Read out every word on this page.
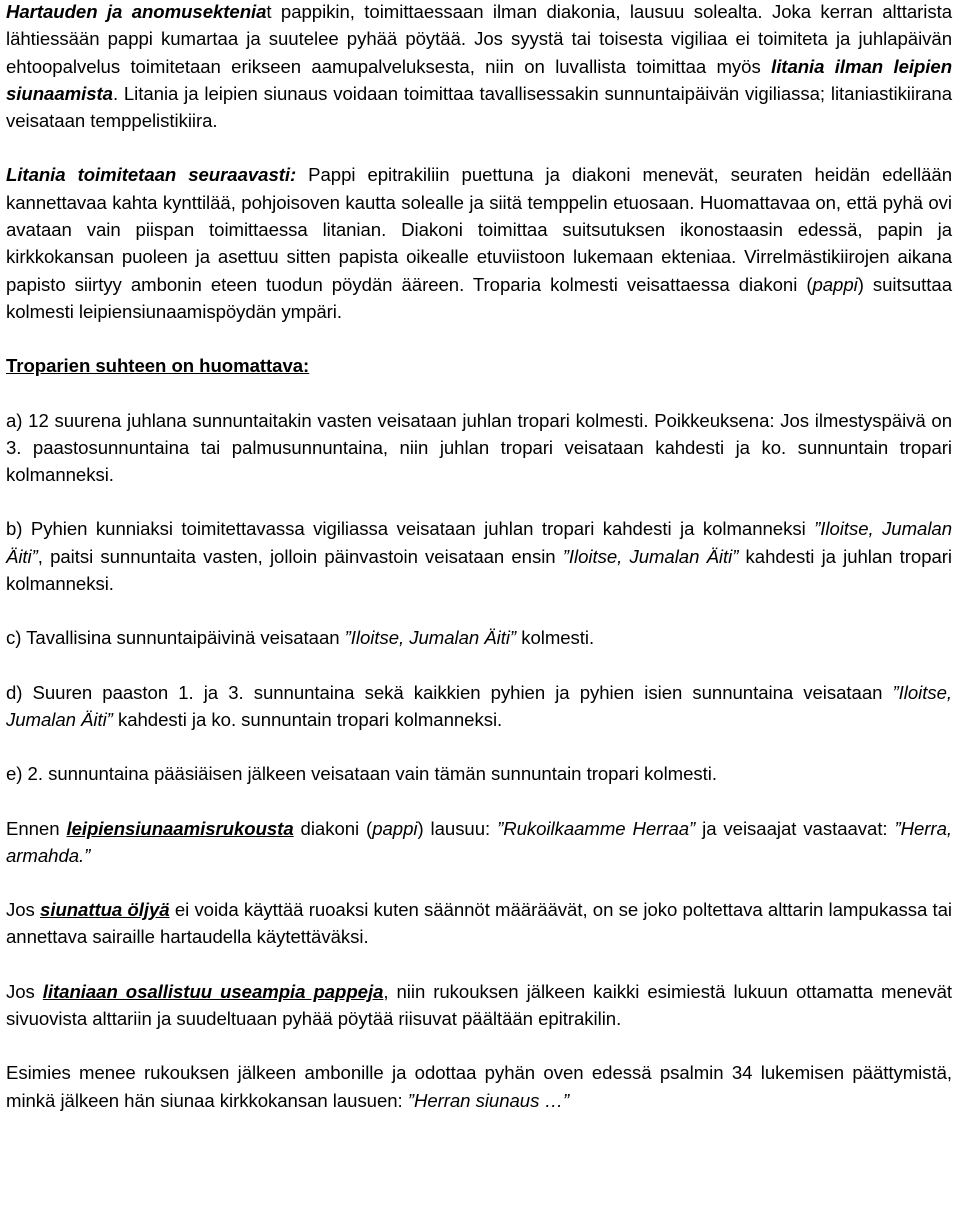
Hartauden ja anomusekteniat pappikin, toimittaessaan ilman diakonia, lausuu solealta. Joka kerran alttarista lähtiessään pappi kumartaa ja suutelee pyhää pöytää. Jos syystä tai toisesta vigiliaa ei toimiteta ja juhlapäivän ehtoopalvelus toimitetaan erikseen aamupalveluksesta, niin on luvallista toimittaa myös litania ilman leipien siunaamista. Litania ja leipien siunaus voidaan toimittaa tavallisessakin sunnuntaipäivän vigiliassa; litaniastikiirana veisataan temppelistikiira.

Litania toimitetaan seuraavasti: Pappi epitrakiliin puettuna ja diakoni menevät, seuraten heidän edellään kannettavaa kahta kynttilää, pohjoisoven kautta solealle ja siitä temppelin etuosaan. Huomattavaa on, että pyhä ovi avataan vain piispan toimittaessa litanian. Diakoni toimittaa suitsutuksen ikonostaasin edessä, papin ja kirkkokansan puoleen ja asettuu sitten papista oikealle etuviistoon lukemaan ekteniaa. Virrelmästikiirojen aikana papisto siirtyy ambonin eteen tuodun pöydän ääreen. Troparia kolmesti veisattaessa diakoni (pappi) suitsuttaa kolmesti leipiensiunaamispöydän ympäri.

Troparien suhteen on huomattava:

a) 12 suurena juhlana sunnuntaitakin vasten veisataan juhlan tropari kolmesti. Poikkeuksena: Jos ilmestyspäivä on 3. paastosunnuntaina tai palmusunnuntaina, niin juhlan tropari veisataan kahdesti ja ko. sunnuntain tropari kolmanneksi.

b) Pyhien kunniaksi toimitettavassa vigiliassa veisataan juhlan tropari kahdesti ja kolmanneksi ”Iloitse, Jumalan Äiti”, paitsi sunnuntaita vasten, jolloin päinvastoin veisataan ensin ”Iloitse, Jumalan Äiti” kahdesti ja juhlan tropari kolmanneksi.

c) Tavallisina sunnuntaipäivinä veisataan ”Iloitse, Jumalan Äiti” kolmesti.

d) Suuren paaston 1. ja 3. sunnuntaina sekä kaikkien pyhien ja pyhien isien sunnuntaina veisataan ”Iloitse, Jumalan Äiti” kahdesti ja ko. sunnuntain tropari kolmanneksi.

e) 2. sunnuntaina pääsiäisen jälkeen veisataan vain tämän sunnuntain tropari kolmesti.

Ennen leipiensiunaamisrukousta diakoni (pappi) lausuu: ”Rukoilkaamme Herraa” ja veisaajat vastaavat: ”Herra, armahda.”

Jos siunattua öljyä ei voida käyttää ruoaksi kuten säännöt määräävät, on se joko poltettava alttarin lampukassa tai annettava sairaille hartaudella käytettäväksi.

Jos litaniaan osallistuu useampia pappeja, niin rukouksen jälkeen kaikki esimiestä lukuun ottamatta menevät sivuovista alttariin ja suudeltuaan pyhää pöytää riisuvat päältään epitrakilin.

Esimies menee rukouksen jälkeen ambonille ja odottaa pyhän oven edessä psalmin 34 lukemisen päättymistä, minkä jälkeen hän siunaa kirkkokansan lausuen: ”Herran siunaus …”
